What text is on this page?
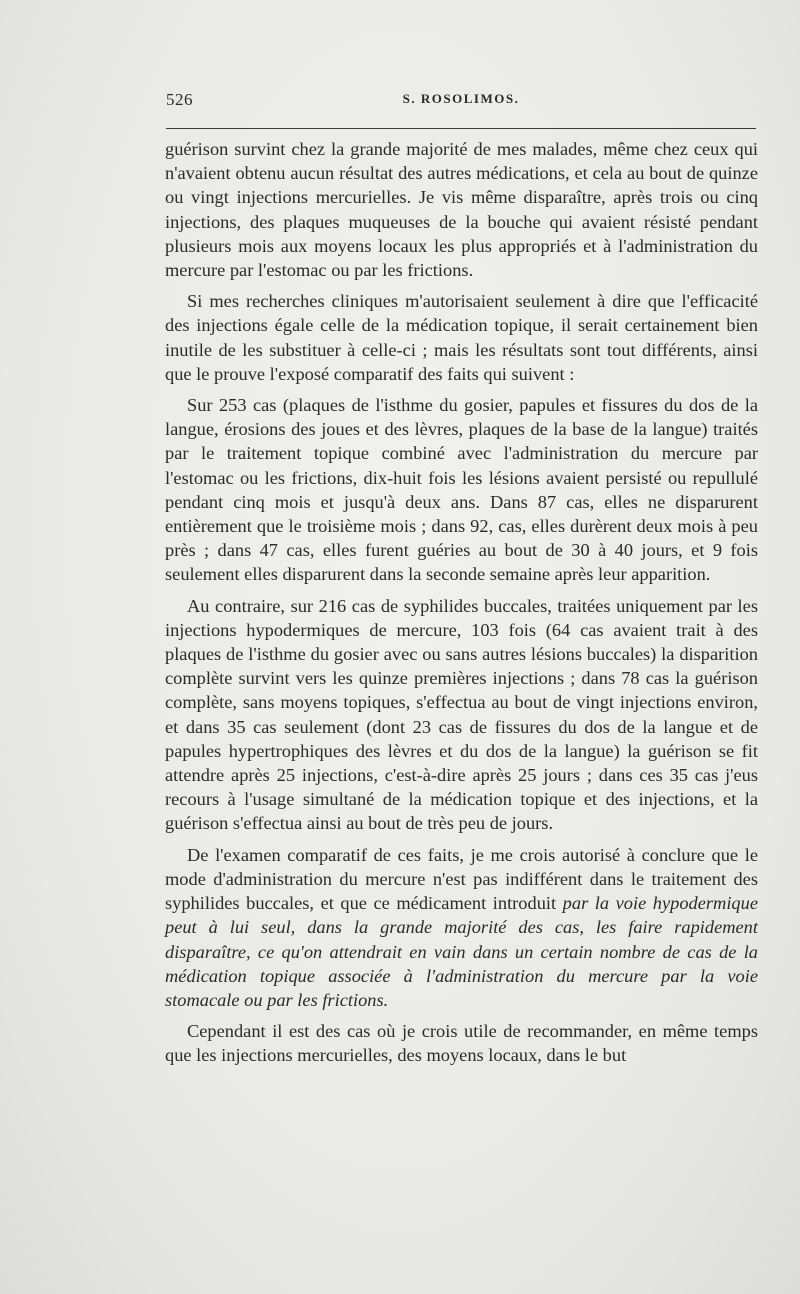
526	S. ROSOLIMOS.

guérison survint chez la grande majorité de mes malades, même chez ceux qui n'avaient obtenu aucun résultat des autres médications, et cela au bout de quinze ou vingt injections mercurielles. Je vis même disparaître, après trois ou cinq injections, des plaques muqueuses de la bouche qui avaient résisté pendant plusieurs mois aux moyens locaux les plus appropriés et à l'administration du mercure par l'estomac ou par les frictions.

Si mes recherches cliniques m'autorisaient seulement à dire que l'efficacité des injections égale celle de la médication topique, il serait certainement bien inutile de les substituer à celle-ci ; mais les résultats sont tout différents, ainsi que le prouve l'exposé comparatif des faits qui suivent :

Sur 253 cas (plaques de l'isthme du gosier, papules et fissures du dos de la langue, érosions des joues et des lèvres, plaques de la base de la langue) traités par le traitement topique combiné avec l'administration du mercure par l'estomac ou les frictions, dix-huit fois les lésions avaient persisté ou repullulé pendant cinq mois et jusqu'à deux ans. Dans 87 cas, elles ne disparurent entièrement que le troisième mois ; dans 92, cas, elles durèrent deux mois à peu près ; dans 47 cas, elles furent guéries au bout de 30 à 40 jours, et 9 fois seulement elles disparurent dans la seconde semaine après leur apparition.

Au contraire, sur 216 cas de syphilides buccales, traitées uniquement par les injections hypodermiques de mercure, 103 fois (64 cas avaient trait à des plaques de l'isthme du gosier avec ou sans autres lésions buccales) la disparition complète survint vers les quinze premières injections ; dans 78 cas la guérison complète, sans moyens topiques, s'effectua au bout de vingt injections environ, et dans 35 cas seulement (dont 23 cas de fissures du dos de la langue et de papules hypertrophiques des lèvres et du dos de la langue) la guérison se fit attendre après 25 injections, c'est-à-dire après 25 jours ; dans ces 35 cas j'eus recours à l'usage simultané de la médication topique et des injections, et la guérison s'effectua ainsi au bout de très peu de jours.

De l'examen comparatif de ces faits, je me crois autorisé à conclure que le mode d'administration du mercure n'est pas indifférent dans le traitement des syphilides buccales, et que ce médicament introduit par la voie hypodermique peut à lui seul, dans la grande majorité des cas, les faire rapidement disparaître, ce qu'on attendrait en vain dans un certain nombre de cas de la médication topique associée à l'administration du mercure par la voie stomacale ou par les frictions.

Cependant il est des cas où je crois utile de recommander, en même temps que les injections mercurielles, des moyens locaux, dans le but
